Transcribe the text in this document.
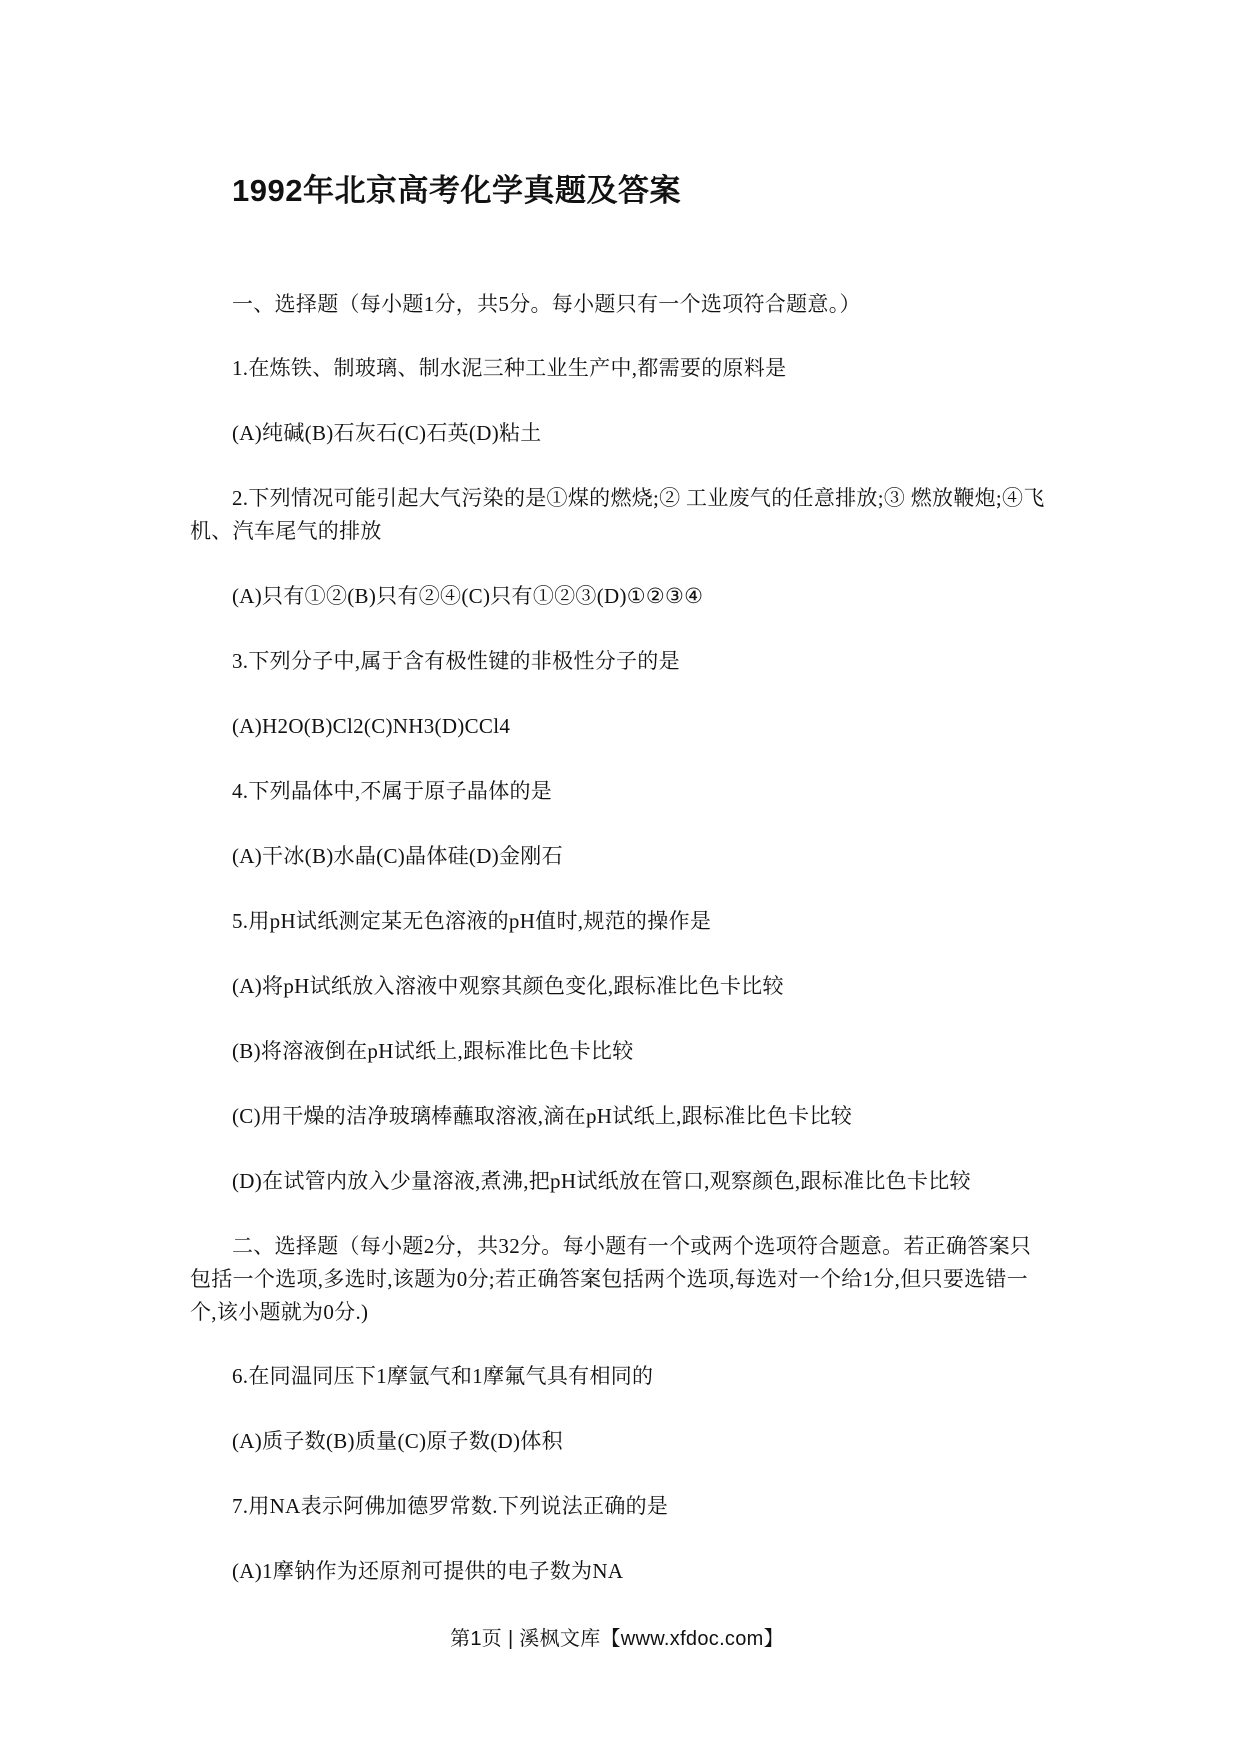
1992年北京高考化学真题及答案

一、选择题（每小题1分，共5分。每小题只有一个选项符合题意。）

1.在炼铁、制玻璃、制水泥三种工业生产中,都需要的原料是

(A)纯碱(B)石灰石(C)石英(D)粘土

2.下列情况可能引起大气污染的是①煤的燃烧;② 工业废气的任意排放;③ 燃放鞭炮;④飞机、汽车尾气的排放

(A)只有①②(B)只有②④(C)只有①②③(D)①②③④

3.下列分子中,属于含有极性键的非极性分子的是

(A)H2O(B)Cl2(C)NH3(D)CCl4

4.下列晶体中,不属于原子晶体的是

(A)干冰(B)水晶(C)晶体硅(D)金刚石

5.用pH试纸测定某无色溶液的pH值时,规范的操作是

(A)将pH试纸放入溶液中观察其颜色变化,跟标准比色卡比较

(B)将溶液倒在pH试纸上,跟标准比色卡比较

(C)用干燥的洁净玻璃棒蘸取溶液,滴在pH试纸上,跟标准比色卡比较

(D)在试管内放入少量溶液,煮沸,把pH试纸放在管口,观察颜色,跟标准比色卡比较

二、选择题（每小题2分，共32分。每小题有一个或两个选项符合题意。若正确答案只包括一个选项,多选时,该题为0分;若正确答案包括两个选项,每选对一个给1分,但只要选错一个,该小题就为0分.)

6.在同温同压下1摩氩气和1摩氟气具有相同的

(A)质子数(B)质量(C)原子数(D)体积

7.用NA表示阿佛加德罗常数.下列说法正确的是

(A)1摩钠作为还原剂可提供的电子数为NA

第1页 | 溪枫文库【www.xfdoc.com】
